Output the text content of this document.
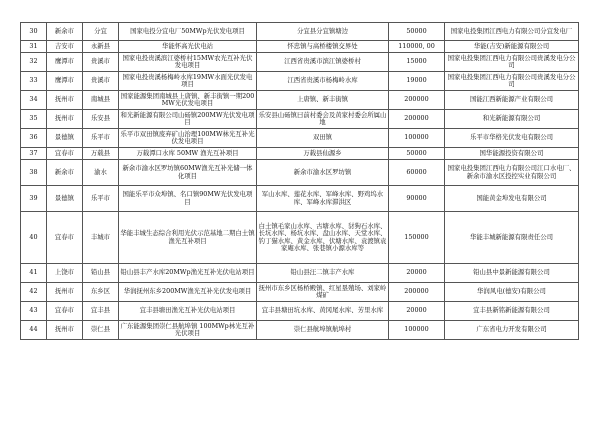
30	新余市	分宜	国家电投分宜电厂50MWp光伏发电项目	分宜县分宜镇塘边	50000	国家电投集团江西电力有限公司分宜发电厂
31	吉安市	永新县	华能怀高光伏电站	怀忠镇与高桥楼镇交界处	110000, 00	华能(吉安)新能源有限公司
32	鹰潭市	贵溪市	国家电投贵溪滨江婆桥村15MW农光互补光伏发电项目	江西省贵溪市滨江镇婆桥村	15000	国家电投集团江西电力有限公司贵溪发电分公司
33	鹰潭市	贵溪市	国家电投贵溪杨梅岭水库19MW水面光伏发电项目	江西省贵溪市杨梅岭水库	19000	国家电投集团江西电力有限公司贵溪发电分公司
34	抚州市	南城县	国家能源集团南城县上唐镇、新丰街镇一期200MW光伏发电项目	上唐镇、新丰街镇	200000	国能江西新能源产业有限公司
35	抚州市	乐安县	和光新能源有限公司山砀镇200MW光伏发电项目	乐安县山砀镇曰前村委会及黄家村委会所属山地	200000	和光新能源有限公司
36	景德镇	乐平市	乐平市双田镇废弃矿山治理100MW林光互补光伏发电项目	双田镇	100000	乐平市华格光伏发电有限公司
37	宜春市	万载县	万载潭口水库 50MW 渔光互补项目	万载县仙源乡	50000	国华能源投资有限公司
38	新余市	渝水	新余市渝水区罗坊镇60MW渔光互补光储一体化项目	新余市渝水区罗坊镇	60000	国家电投集团江西电力有限公司江口水电厂、新余市渝水区投控实业有限公司
39	景德镇	乐平市	国能乐平市众埠镇、名口镇90MW光伏发电项目	军山水库、莲花水库、军峰水库、野鸡坞水库、军峰水库滞洪区	90000	国能黄金埠发电有限公司
40	宜春市	丰城市	华能丰城生态综合利用光伏示范基地二期白土镇渔光互补项目	白土镇毛家山水库、古塘水库、豺狗石水库、长坑水库、杨坑水库、盘山水库、天堂水库、钓丁猫水库、黄金水库、伏塘水库、袁渡镇袁家庵水库、张巷镇小源水库等	150000	华能丰城新能源有限责任公司
41	上饶市	铅山县	铅山县丰产水库20MWp渔光互补光伏电站项目	铅山县汪二镇丰产水库	20000	铅山县中景新能源有限公司
42	抚州市	东乡区	华润抚州东乡200MW渔光互补光伏发电项目	抚州市东乡区杨桥殿镇、红星垦殖场、刘家岭煤矿	200000	华润风电(德安)有限公司
43	宜春市	宜丰县	宜丰县塘田渔光互补光伏电站项目	宜丰县塘田坑水库、黄冈尾水库、芳里水库	20000	宜丰县新铭新能源有限公司
44	抚州市	崇仁县	广东能源集团崇仁县航埠镇 100MWp林光互补 光伏项目	崇仁县航埠镇航埠村	100000	广东省电力开发有限公司
